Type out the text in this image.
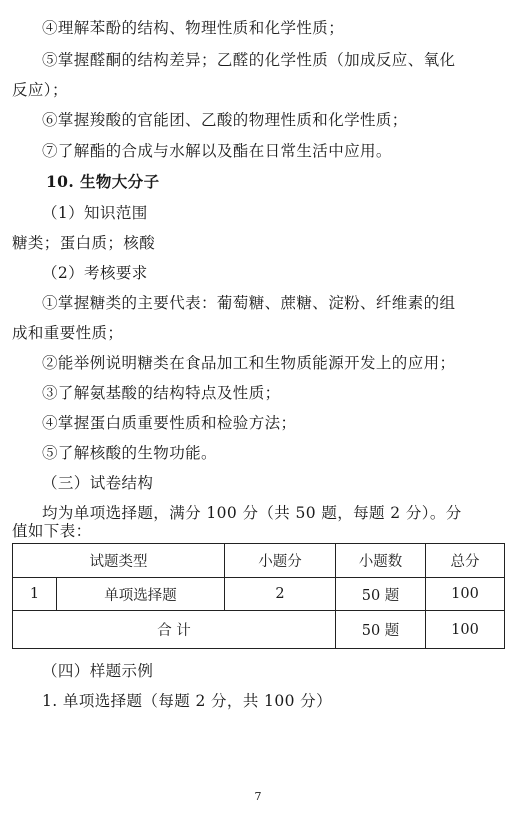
④理解苯酚的结构、物理性质和化学性质；
⑤掌握醛酮的结构差异；乙醛的化学性质（加成反应、氧化
反应）；
⑥掌握羧酸的官能团、乙酸的物理性质和化学性质；
⑦了解酯的合成与水解以及酯在日常生活中应用。
10. 生物大分子
（1）知识范围
糖类；蛋白质；核酸
（2）考核要求
①掌握糖类的主要代表：葡萄糖、蔗糖、淀粉、纤维素的组
成和重要性质；
②能举例说明糖类在食品加工和生物质能源开发上的应用；
③了解氨基酸的结构特点及性质；
④掌握蛋白质重要性质和检验方法；
⑤了解核酸的生物功能。
（三）试卷结构
均为单项选择题，满分 100 分（共 50 题，每题 2 分）。分
值如下表：
试题类型		小题分	小题数	总分
1	单项选择题	2	50 题	100
合 计			50 题	100
（四）样题示例
1. 单项选择题（每题 2 分，共 100 分）
7
